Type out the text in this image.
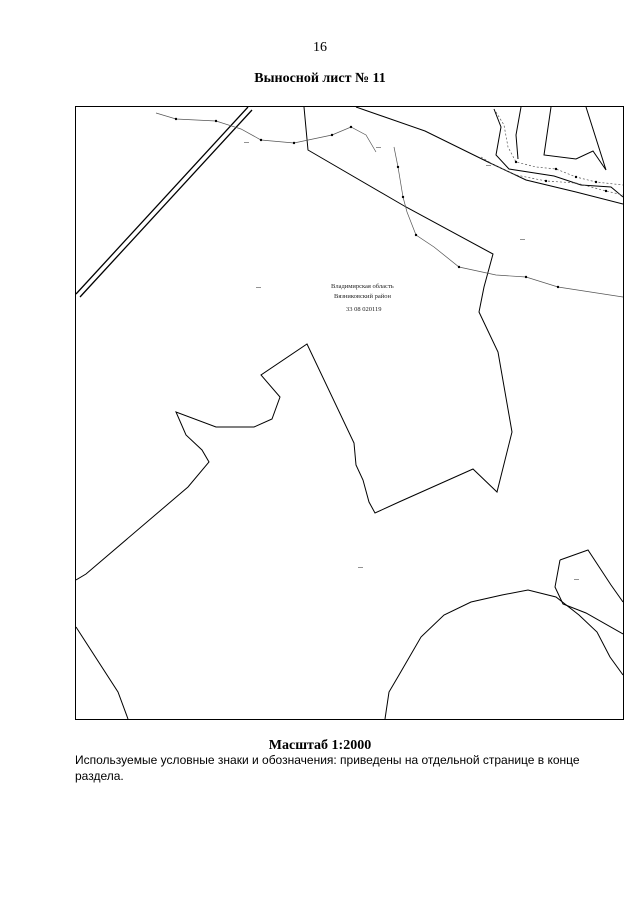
16
Выносной лист № 11
Владимирская область
Вязниковский район
33 08 020119
Масштаб 1:2000
Используемые условные знаки и обозначения: приведены на отдельной странице в конце раздела.
